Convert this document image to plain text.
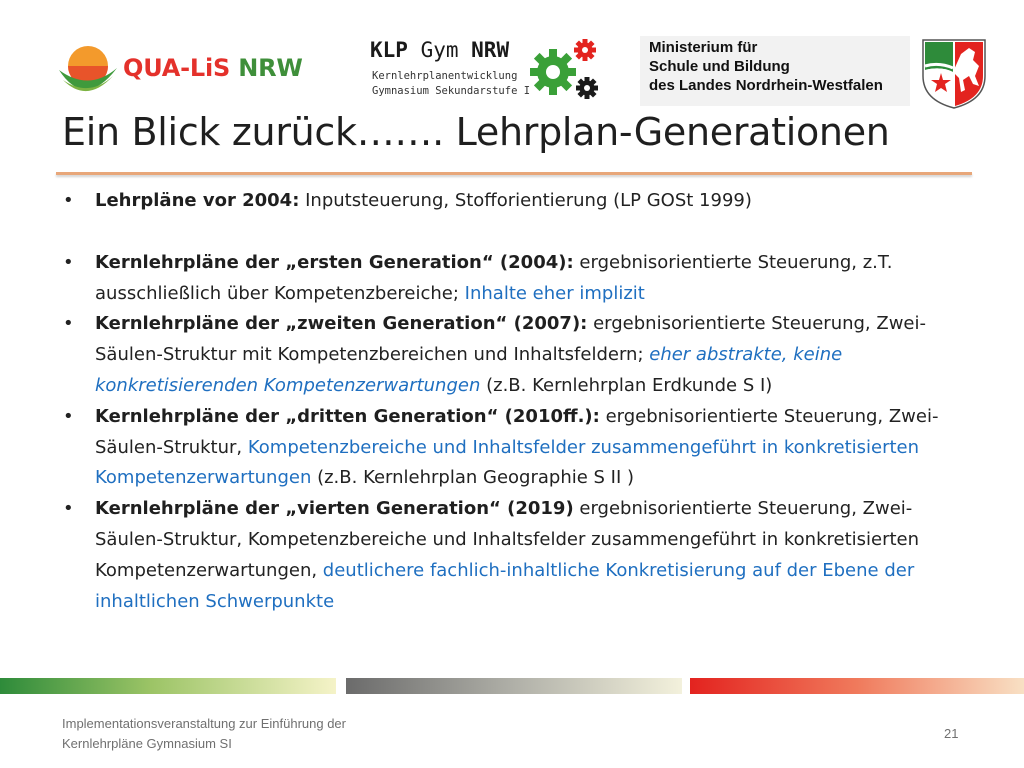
QUA-LiS NRW
KLP Gym NRW
Kernlehrplanentwicklung
Gymnasium Sekundarstufe I
Ministerium für
Schule und Bildung
des Landes Nordrhein-Westfalen
Ein Blick zurück……. Lehrplan-Generationen
• Lehrpläne vor 2004: Inputsteuerung, Stofforientierung (LP GOSt 1999)
• Kernlehrpläne der „ersten Generation“ (2004): ergebnisorientierte Steuerung, z.T. ausschließlich über Kompetenzbereiche; Inhalte eher implizit
• Kernlehrpläne der „zweiten Generation“ (2007): ergebnisorientierte Steuerung, Zwei-Säulen-Struktur mit Kompetenzbereichen und Inhaltsfeldern; eher abstrakte, keine konkretisierenden Kompetenzerwartungen (z.B. Kernlehrplan Erdkunde S I)
• Kernlehrpläne der „dritten Generation“ (2010ff.): ergebnisorientierte Steuerung, Zwei-Säulen-Struktur, Kompetenzbereiche und Inhaltsfelder zusammengeführt in konkretisierten Kompetenzerwartungen (z.B. Kernlehrplan Geographie S II )
• Kernlehrpläne der „vierten Generation“ (2019) ergebnisorientierte Steuerung, Zwei-Säulen-Struktur, Kompetenzbereiche und Inhaltsfelder zusammengeführt in konkretisierten Kompetenzerwartungen, deutlichere fachlich-inhaltliche Konkretisierung auf der Ebene der inhaltlichen Schwerpunkte
Implementationsveranstaltung zur Einführung der
Kernlehrpläne Gymnasium SI
21
